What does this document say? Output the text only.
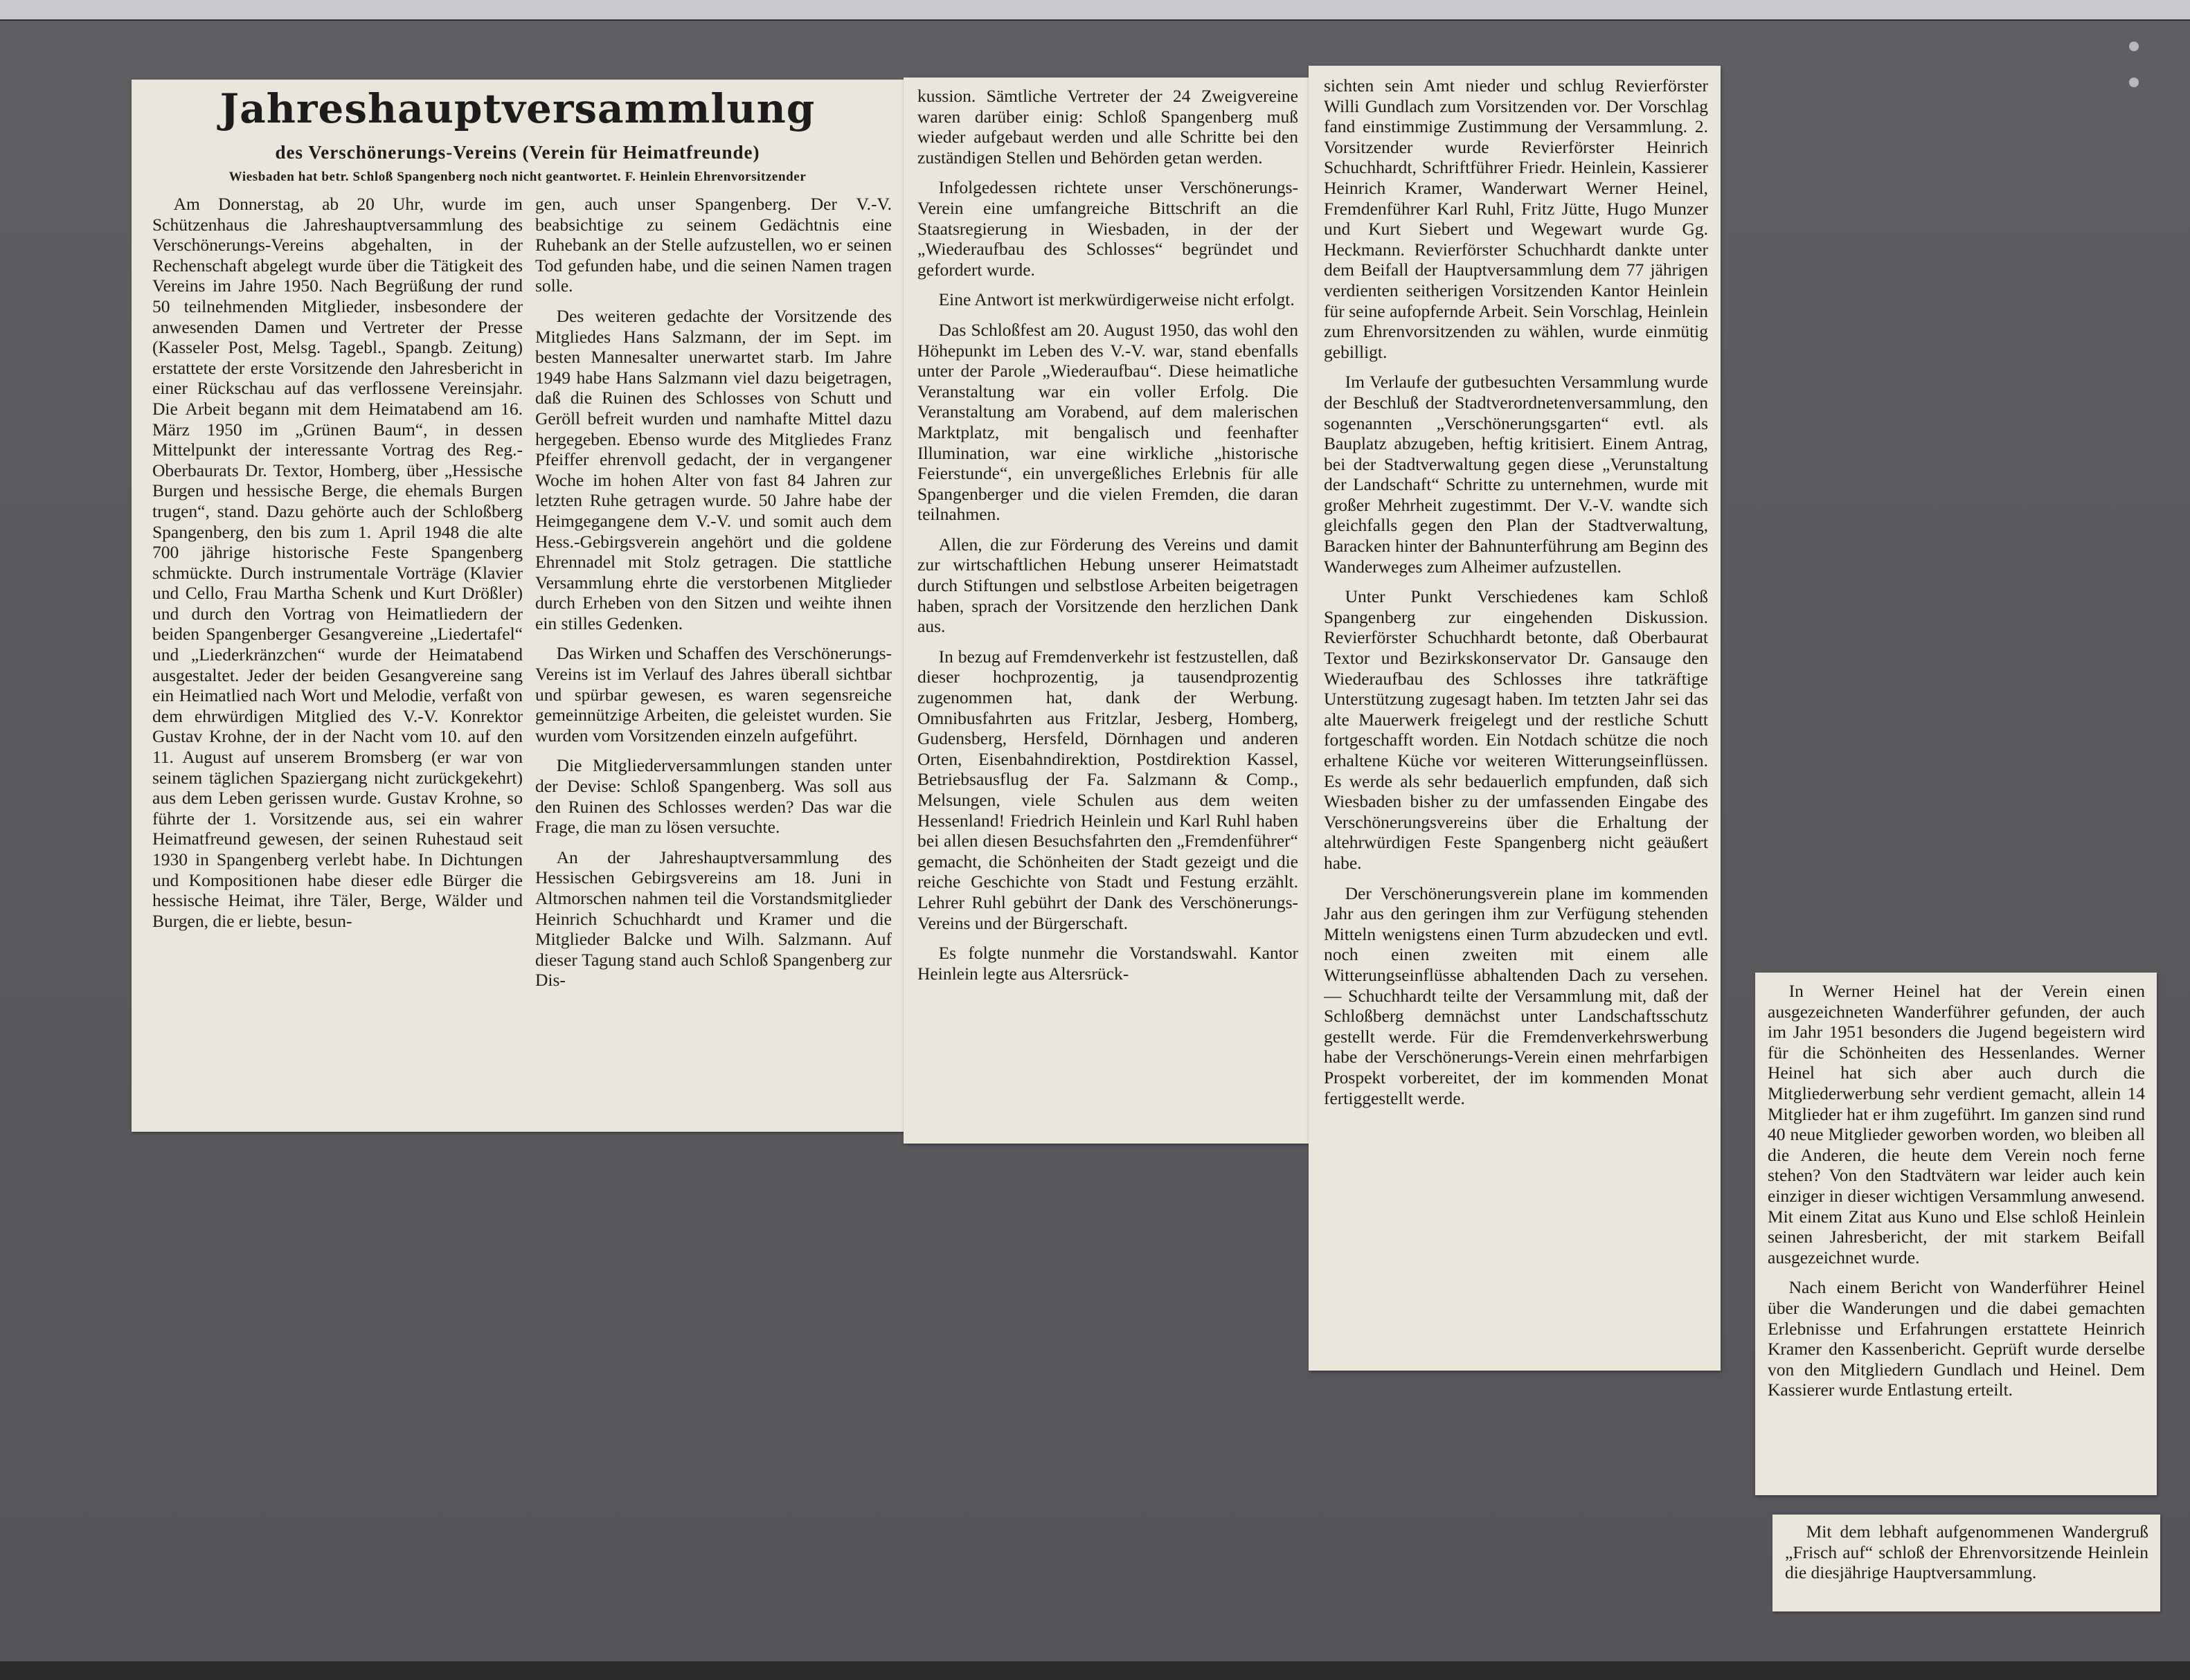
Jahreshauptversammlung
des Verschönerungs-Vereins (Verein für Heimatfreunde)
Wiesbaden hat betr. Schloß Spangenberg noch nicht geantwortet. F. Heinlein Ehrenvorsitzender

Am Donnerstag, ab 20 Uhr, wurde im Schützenhaus die Jahreshauptversammlung des Verschönerungs-Vereins abgehalten, in der Rechenschaft abgelegt wurde über die Tätigkeit des Vereins im Jahre 1950. Nach Begrüßung der rund 50 teilnehmenden Mitglieder, insbesondere der anwesenden Damen und Vertreter der Presse (Kasseler Post, Melsg. Tagebl., Spangb. Zeitung) erstattete der erste Vorsitzende den Jahresbericht in einer Rückschau auf das verflossene Vereinsjahr. Die Arbeit begann mit dem Heimatabend am 16. März 1950 im „Grünen Baum“, in dessen Mittelpunkt der interessante Vortrag des Reg.-Oberbaurats Dr. Textor, Homberg, über „Hessische Burgen und hessische Berge, die ehemals Burgen trugen“, stand. Dazu gehörte auch der Schloßberg Spangenberg, den bis zum 1. April 1948 die alte 700 jährige historische Feste Spangenberg schmückte. Durch instrumentale Vorträge (Klavier und Cello, Frau Martha Schenk und Kurt Drößler) und durch den Vortrag von Heimatliedern der beiden Spangenberger Gesangvereine „Liedertafel“ und „Liederkränzchen“ wurde der Heimatabend ausgestaltet. Jeder der beiden Gesangvereine sang ein Heimatlied nach Wort und Melodie, verfaßt von dem ehrwürdigen Mitglied des V.-V. Konrektor Gustav Krohne, der in der Nacht vom 10. auf den 11. August auf unserem Bromsberg (er war von seinem täglichen Spaziergang nicht zurückgekehrt) aus dem Leben gerissen wurde. Gustav Krohne, so führte der 1. Vorsitzende aus, sei ein wahrer Heimatfreund gewesen, der seinen Ruhestaud seit 1930 in Spangenberg verlebt habe. In Dichtungen und Kompositionen habe dieser edle Bürger die hessische Heimat, ihre Täler, Berge, Wälder und Burgen, die er liebte, besun-

gen, auch unser Spangenberg. Der V.-V. beabsichtige zu seinem Gedächtnis eine Ruhebank an der Stelle aufzustellen, wo er seinen Tod gefunden habe, und die seinen Namen tragen solle.

Des weiteren gedachte der Vorsitzende des Mitgliedes Hans Salzmann, der im Sept. im besten Mannesalter unerwartet starb. Im Jahre 1949 habe Hans Salzmann viel dazu beigetragen, daß die Ruinen des Schlosses von Schutt und Geröll befreit wurden und namhafte Mittel dazu hergegeben. Ebenso wurde des Mitgliedes Franz Pfeiffer ehrenvoll gedacht, der in vergangener Woche im hohen Alter von fast 84 Jahren zur letzten Ruhe getragen wurde. 50 Jahre habe der Heimgegangene dem V.-V. und somit auch dem Hess.-Gebirgsverein angehört und die goldene Ehrennadel mit Stolz getragen. Die stattliche Versammlung ehrte die verstorbenen Mitglieder durch Erheben von den Sitzen und weihte ihnen ein stilles Gedenken.

Das Wirken und Schaffen des Verschönerungs-Vereins ist im Verlauf des Jahres überall sichtbar und spürbar gewesen, es waren segensreiche gemeinnützige Arbeiten, die geleistet wurden. Sie wurden vom Vorsitzenden einzeln aufgeführt.

Die Mitgliederversammlungen standen unter der Devise: Schloß Spangenberg. Was soll aus den Ruinen des Schlosses werden? Das war die Frage, die man zu lösen versuchte.

An der Jahreshauptversammlung des Hessischen Gebirgsvereins am 18. Juni in Altmorschen nahmen teil die Vorstandsmitglieder Heinrich Schuchhardt und Kramer und die Mitglieder Balcke und Wilh. Salzmann. Auf dieser Tagung stand auch Schloß Spangenberg zur Dis-

kussion. Sämtliche Vertreter der 24 Zweigvereine waren darüber einig: Schloß Spangenberg muß wieder aufgebaut werden und alle Schritte bei den zuständigen Stellen und Behörden getan werden.

Infolgedessen richtete unser Verschönerungs-Verein eine umfangreiche Bittschrift an die Staatsregierung in Wiesbaden, in der der „Wiederaufbau des Schlosses“ begründet und gefordert wurde.

Eine Antwort ist merkwürdigerweise nicht erfolgt.

Das Schloßfest am 20. August 1950, das wohl den Höhepunkt im Leben des V.-V. war, stand ebenfalls unter der Parole „Wiederaufbau“. Diese heimatliche Veranstaltung war ein voller Erfolg. Die Veranstaltung am Vorabend, auf dem malerischen Marktplatz, mit bengalisch und feenhafter Illumination, war eine wirkliche „historische Feierstunde“, ein unvergeßliches Erlebnis für alle Spangenberger und die vielen Fremden, die daran teilnahmen.

Allen, die zur Förderung des Vereins und damit zur wirtschaftlichen Hebung unserer Heimatstadt durch Stiftungen und selbstlose Arbeiten beigetragen haben, sprach der Vorsitzende den herzlichen Dank aus.

In bezug auf Fremdenverkehr ist festzustellen, daß dieser hochprozentig, ja tausendprozentig zugenommen hat, dank der Werbung. Omnibusfahrten aus Fritzlar, Jesberg, Homberg, Gudensberg, Hersfeld, Dörnhagen und anderen Orten, Eisenbahndirektion, Postdirektion Kassel, Betriebsausflug der Fa. Salzmann & Comp., Melsungen, viele Schulen aus dem weiten Hessenland! Friedrich Heinlein und Karl Ruhl haben bei allen diesen Besuchsfahrten den „Fremdenführer“ gemacht, die Schönheiten der Stadt gezeigt und die reiche Geschichte von Stadt und Festung erzählt. Lehrer Ruhl gebührt der Dank des Verschönerungs-Vereins und der Bürgerschaft.

Es folgte nunmehr die Vorstandswahl. Kantor Heinlein legte aus Altersrück-

sichten sein Amt nieder und schlug Revierförster Willi Gundlach zum Vorsitzenden vor. Der Vorschlag fand einstimmige Zustimmung der Versammlung. 2. Vorsitzender wurde Revierförster Heinrich Schuchhardt, Schriftführer Friedr. Heinlein, Kassierer Heinrich Kramer, Wanderwart Werner Heinel, Fremdenführer Karl Ruhl, Fritz Jütte, Hugo Munzer und Kurt Siebert und Wegewart wurde Gg. Heckmann. Revierförster Schuchhardt dankte unter dem Beifall der Hauptversammlung dem 77 jährigen verdienten seitherigen Vorsitzenden Kantor Heinlein für seine aufopfernde Arbeit. Sein Vorschlag, Heinlein zum Ehrenvorsitzenden zu wählen, wurde einmütig gebilligt.

Im Verlaufe der gutbesuchten Versammlung wurde der Beschluß der Stadtverordnetenversammlung, den sogenannten „Verschönerungsgarten“ evtl. als Bauplatz abzugeben, heftig kritisiert. Einem Antrag, bei der Stadtverwaltung gegen diese „Verunstaltung der Landschaft“ Schritte zu unternehmen, wurde mit großer Mehrheit zugestimmt. Der V.-V. wandte sich gleichfalls gegen den Plan der Stadtverwaltung, Baracken hinter der Bahnunterführung am Beginn des Wanderweges zum Alheimer aufzustellen.

Unter Punkt Verschiedenes kam Schloß Spangenberg zur eingehenden Diskussion. Revierförster Schuchhardt betonte, daß Oberbaurat Textor und Bezirkskonservator Dr. Gansauge den Wiederaufbau des Schlosses ihre tatkräftige Unterstützung zugesagt haben. Im tetzten Jahr sei das alte Mauerwerk freigelegt und der restliche Schutt fortgeschafft worden. Ein Notdach schütze die noch erhaltene Küche vor weiteren Witterungseinflüssen. Es werde als sehr bedauerlich empfunden, daß sich Wiesbaden bisher zu der umfassenden Eingabe des Verschönerungsvereins über die Erhaltung der altehrwürdigen Feste Spangenberg nicht geäußert habe.

Der Verschönerungsverein plane im kommenden Jahr aus den geringen ihm zur Verfügung stehenden Mitteln wenigstens einen Turm abzudecken und evtl. noch einen zweiten mit einem alle Witterungseinflüsse abhaltenden Dach zu versehen. — Schuchhardt teilte der Versammlung mit, daß der Schloßberg demnächst unter Landschaftsschutz gestellt werde. Für die Fremdenverkehrswerbung habe der Verschönerungs-Verein einen mehrfarbigen Prospekt vorbereitet, der im kommenden Monat fertiggestellt werde.

In Werner Heinel hat der Verein einen ausgezeichneten Wanderführer gefunden, der auch im Jahr 1951 besonders die Jugend begeistern wird für die Schönheiten des Hessenlandes. Werner Heinel hat sich aber auch durch die Mitgliederwerbung sehr verdient gemacht, allein 14 Mitglieder hat er ihm zugeführt. Im ganzen sind rund 40 neue Mitglieder geworben worden, wo bleiben all die Anderen, die heute dem Verein noch ferne stehen? Von den Stadtvätern war leider auch kein einziger in dieser wichtigen Versammlung anwesend. Mit einem Zitat aus Kuno und Else schloß Heinlein seinen Jahresbericht, der mit starkem Beifall ausgezeichnet wurde.

Nach einem Bericht von Wanderführer Heinel über die Wanderungen und die dabei gemachten Erlebnisse und Erfahrungen erstattete Heinrich Kramer den Kassenbericht. Geprüft wurde derselbe von den Mitgliedern Gundlach und Heinel. Dem Kassierer wurde Entlastung erteilt.

Mit dem lebhaft aufgenommenen Wandergruß „Frisch auf“ schloß der Ehrenvorsitzende Heinlein die diesjährige Hauptversammlung.
